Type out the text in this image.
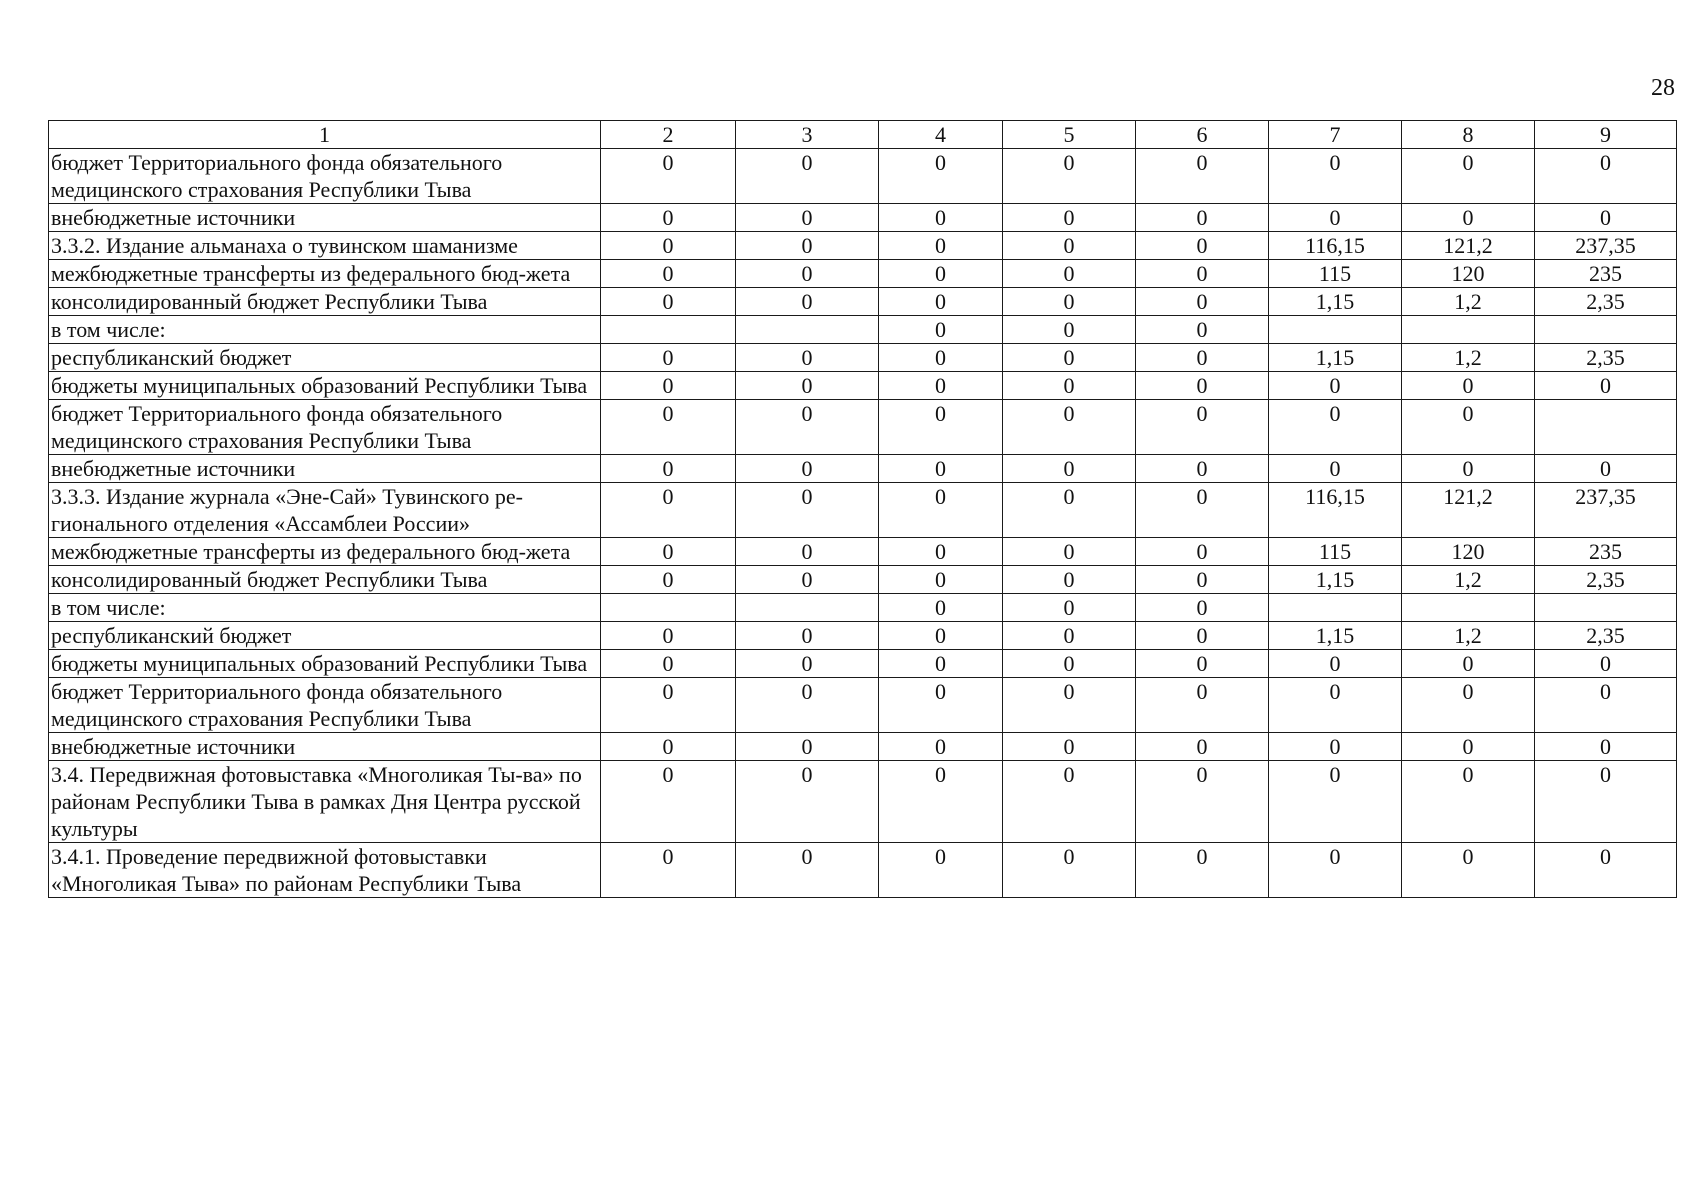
28
1	2	3	4	5	6	7	8	9
бюджет Территориального фонда обязательного медицинского страхования Республики Тыва	0	0	0	0	0	0	0	0
внебюджетные источники	0	0	0	0	0	0	0	0
3.3.2. Издание альманаха о тувинском шаманизме	0	0	0	0	0	116,15	121,2	237,35
межбюджетные трансферты из федерального бюд-жета	0	0	0	0	0	115	120	235
консолидированный бюджет Республики Тыва	0	0	0	0	0	1,15	1,2	2,35
в том числе:			0	0	0			
республиканский бюджет	0	0	0	0	0	1,15	1,2	2,35
бюджеты муниципальных образований Республики Тыва	0	0	0	0	0	0	0	0
бюджет Территориального фонда обязательного медицинского страхования Республики Тыва	0	0	0	0	0	0	0	
внебюджетные источники	0	0	0	0	0	0	0	0
3.3.3. Издание журнала «Эне-Сай» Тувинского ре-гионального отделения «Ассамблеи России»	0	0	0	0	0	116,15	121,2	237,35
межбюджетные трансферты из федерального бюд-жета	0	0	0	0	0	115	120	235
консолидированный бюджет Республики Тыва	0	0	0	0	0	1,15	1,2	2,35
в том числе:			0	0	0			
республиканский бюджет	0	0	0	0	0	1,15	1,2	2,35
бюджеты муниципальных образований Республики Тыва	0	0	0	0	0	0	0	0
бюджет Территориального фонда обязательного медицинского страхования Республики Тыва	0	0	0	0	0	0	0	0
внебюджетные источники	0	0	0	0	0	0	0	0
3.4. Передвижная фотовыставка «Многоликая Ты-ва» по районам Республики Тыва в рамках Дня Центра русской культуры	0	0	0	0	0	0	0	0
3.4.1. Проведение передвижной фотовыставки «Многоликая Тыва» по районам Республики Тыва	0	0	0	0	0	0	0	0
